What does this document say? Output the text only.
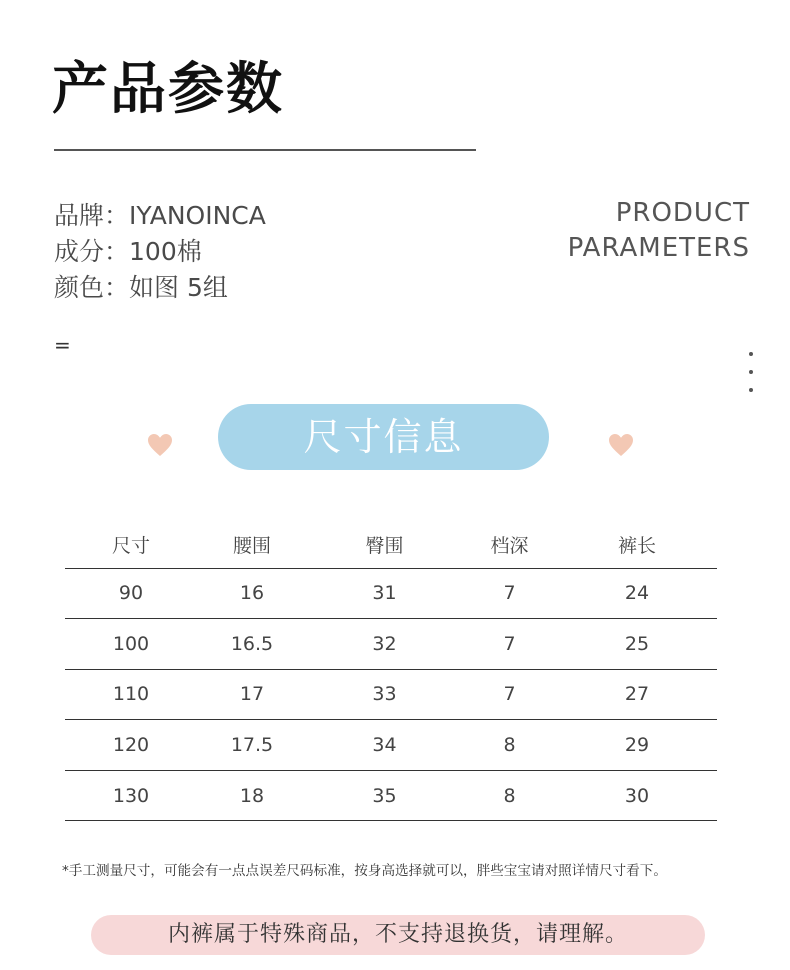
产品参数
品牌： IYANOINCA
成分： 100棉
颜色： 如图 5组
PRODUCT
PARAMETERS
=
尺寸信息
尺寸	腰围	臀围	档深	裤长
90	16	31	7	24
100	16.5	32	7	25
110	17	33	7	27
120	17.5	34	8	29
130	18	35	8	30
*手工测量尺寸，可能会有一点点误差尺码标准，按身高选择就可以，胖些宝宝请对照详情尺寸看下。
内裤属于特殊商品，不支持退换货，请理解。
